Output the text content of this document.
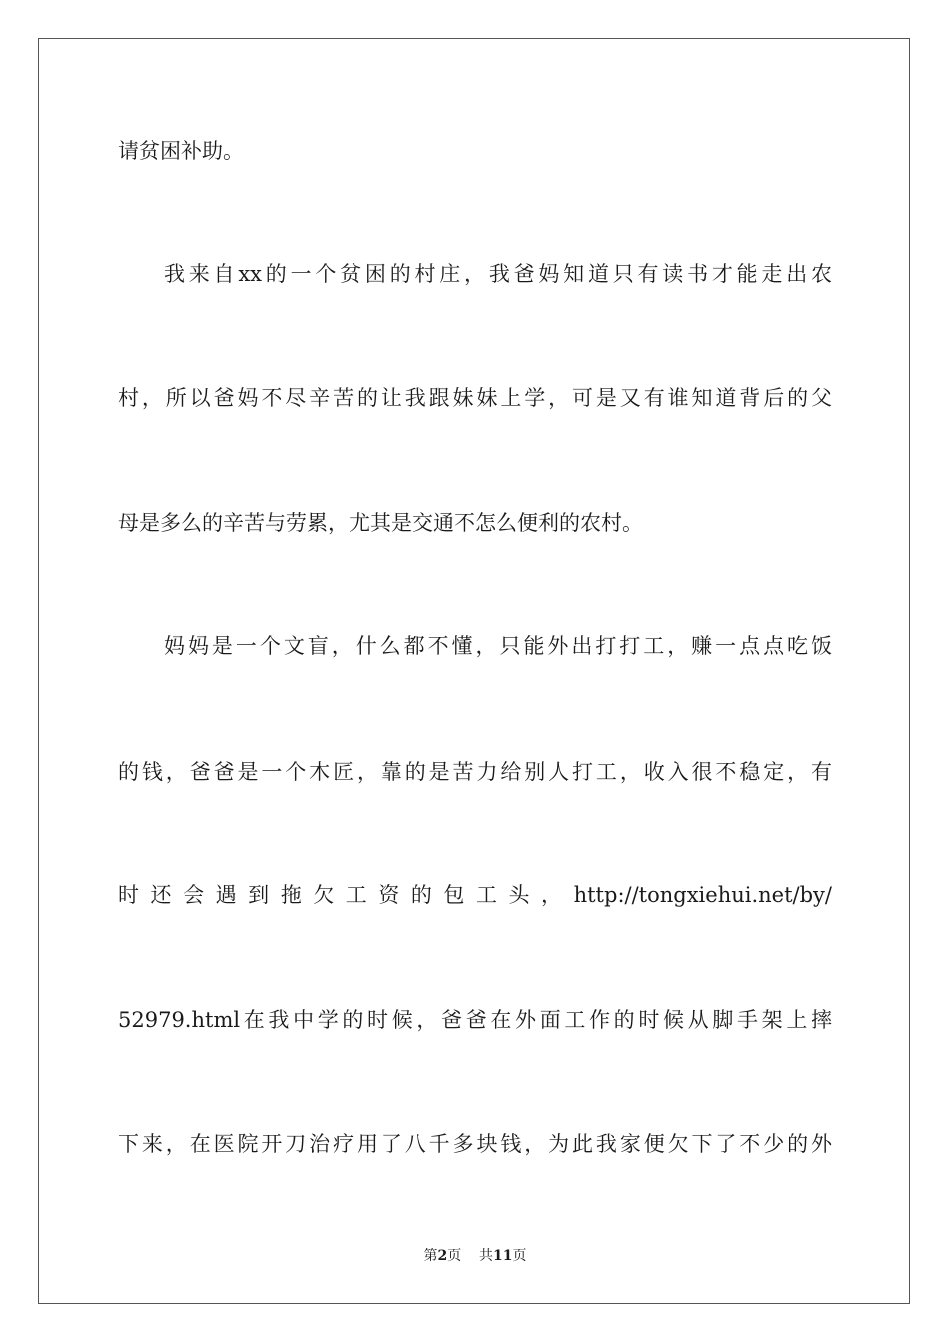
请贫困补助。
我来自xx的一个贫困的村庄，我爸妈知道只有读书才能走出农
村，所以爸妈不尽辛苦的让我跟妹妹上学，可是又有谁知道背后的父
母是多么的辛苦与劳累，尤其是交通不怎么便利的农村。
妈妈是一个文盲，什么都不懂，只能外出打打工，赚一点点吃饭
的钱，爸爸是一个木匠，靠的是苦力给别人打工，收入很不稳定，有
时还会遇到拖欠工资的包工头，http://tongxiehui.net/by/
52979.html在我中学的时候，爸爸在外面工作的时候从脚手架上摔
下来，在医院开刀治疗用了八千多块钱，为此我家便欠下了不少的外
第2页 共11页
